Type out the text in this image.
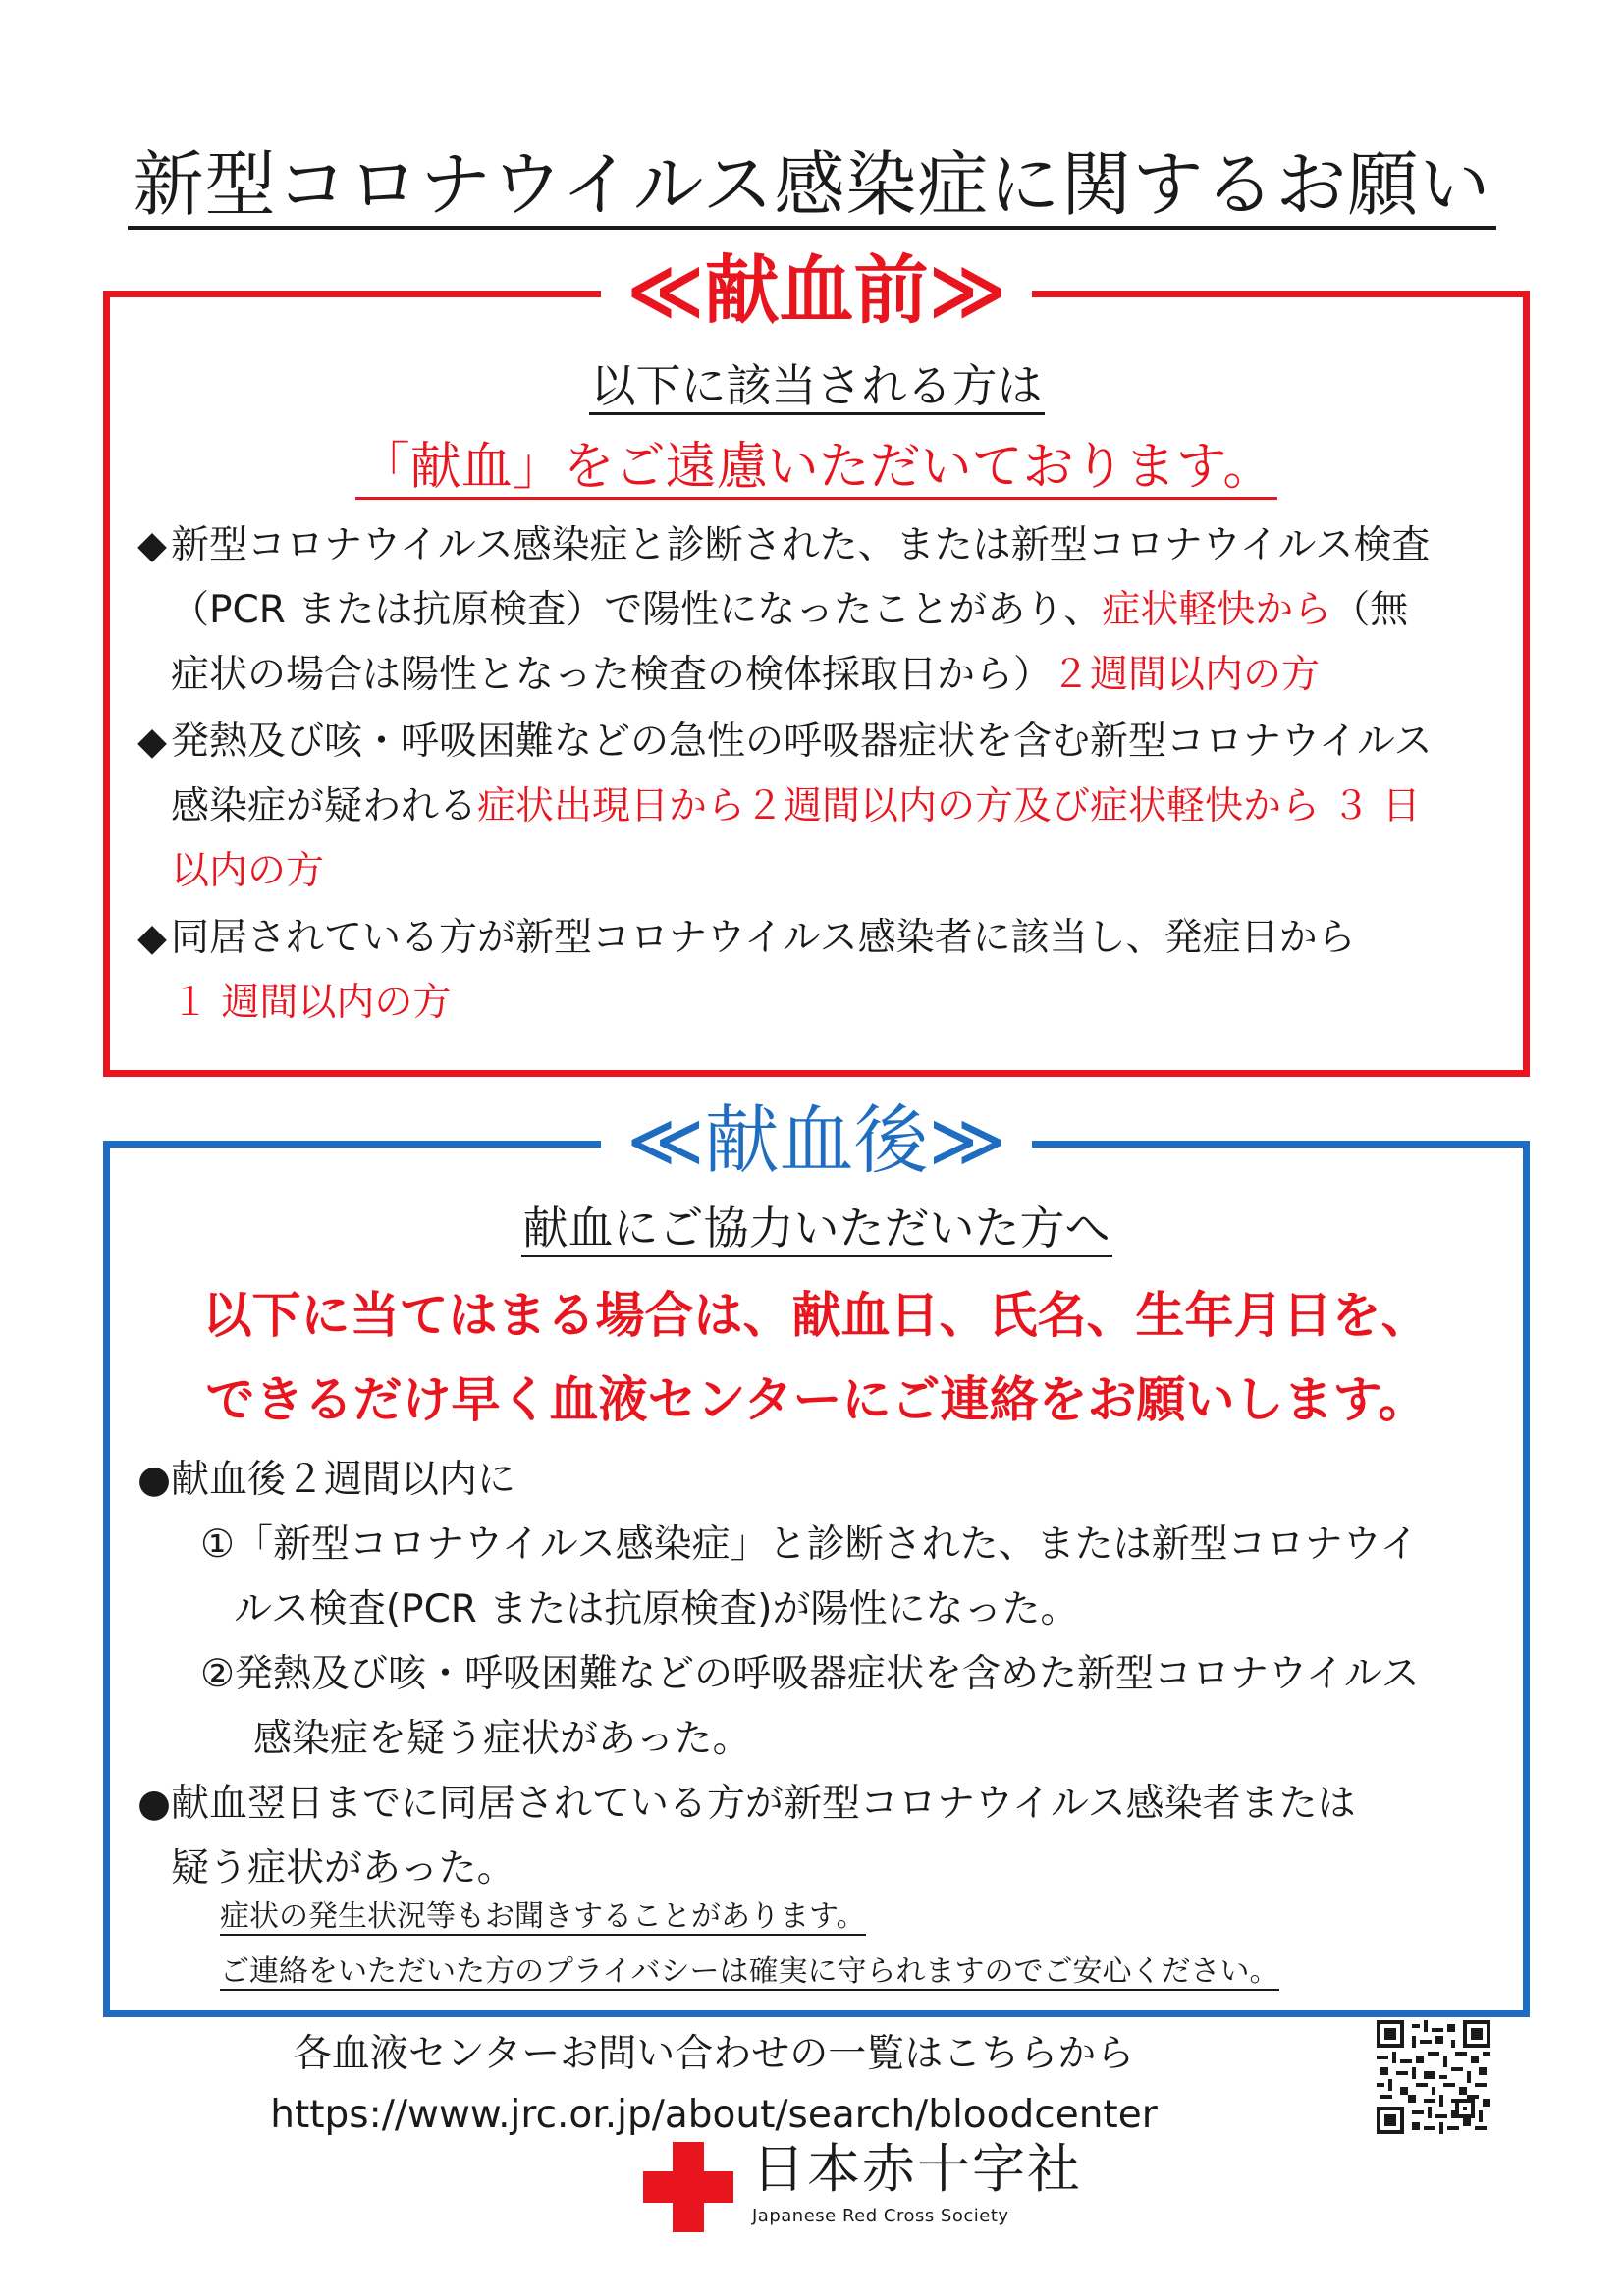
新型コロナウイルス感染症に関するお願い
≪献血前≫
以下に該当される方は
「献血」をご遠慮いただいております。
◆ 新型コロナウイルス感染症と診断された、または新型コロナウイルス検査
（PCR または抗原検査）で陽性になったことがあり、症状軽快から（無
症状の場合は陽性となった検査の検体採取日から）２週間以内の方
◆ 発熱及び咳・呼吸困難などの急性の呼吸器症状を含む新型コロナウイルス
感染症が疑われる症状出現日から２週間以内の方及び症状軽快から ３ 日
以内の方
◆ 同居されている方が新型コロナウイルス感染者に該当し、発症日から
１ 週間以内の方
≪献血後≫
献血にご協力いただいた方へ
以下に当てはまる場合は、献血日、氏名、生年月日を、
できるだけ早く血液センターにご連絡をお願いします。
●献血後２週間以内に
①「新型コロナウイルス感染症」と診断された、または新型コロナウイ
ルス検査(PCR または抗原検査)が陽性になった。
②発熱及び咳・呼吸困難などの呼吸器症状を含めた新型コロナウイルス
感染症を疑う症状があった。
●献血翌日までに同居されている方が新型コロナウイルス感染者または
疑う症状があった。
症状の発生状況等もお聞きすることがあります。
ご連絡をいただいた方のプライバシーは確実に守られますのでご安心ください。
各血液センターお問い合わせの一覧はこちらから
https://www.jrc.or.jp/about/search/bloodcenter
日本赤十字社
Japanese Red Cross Society
